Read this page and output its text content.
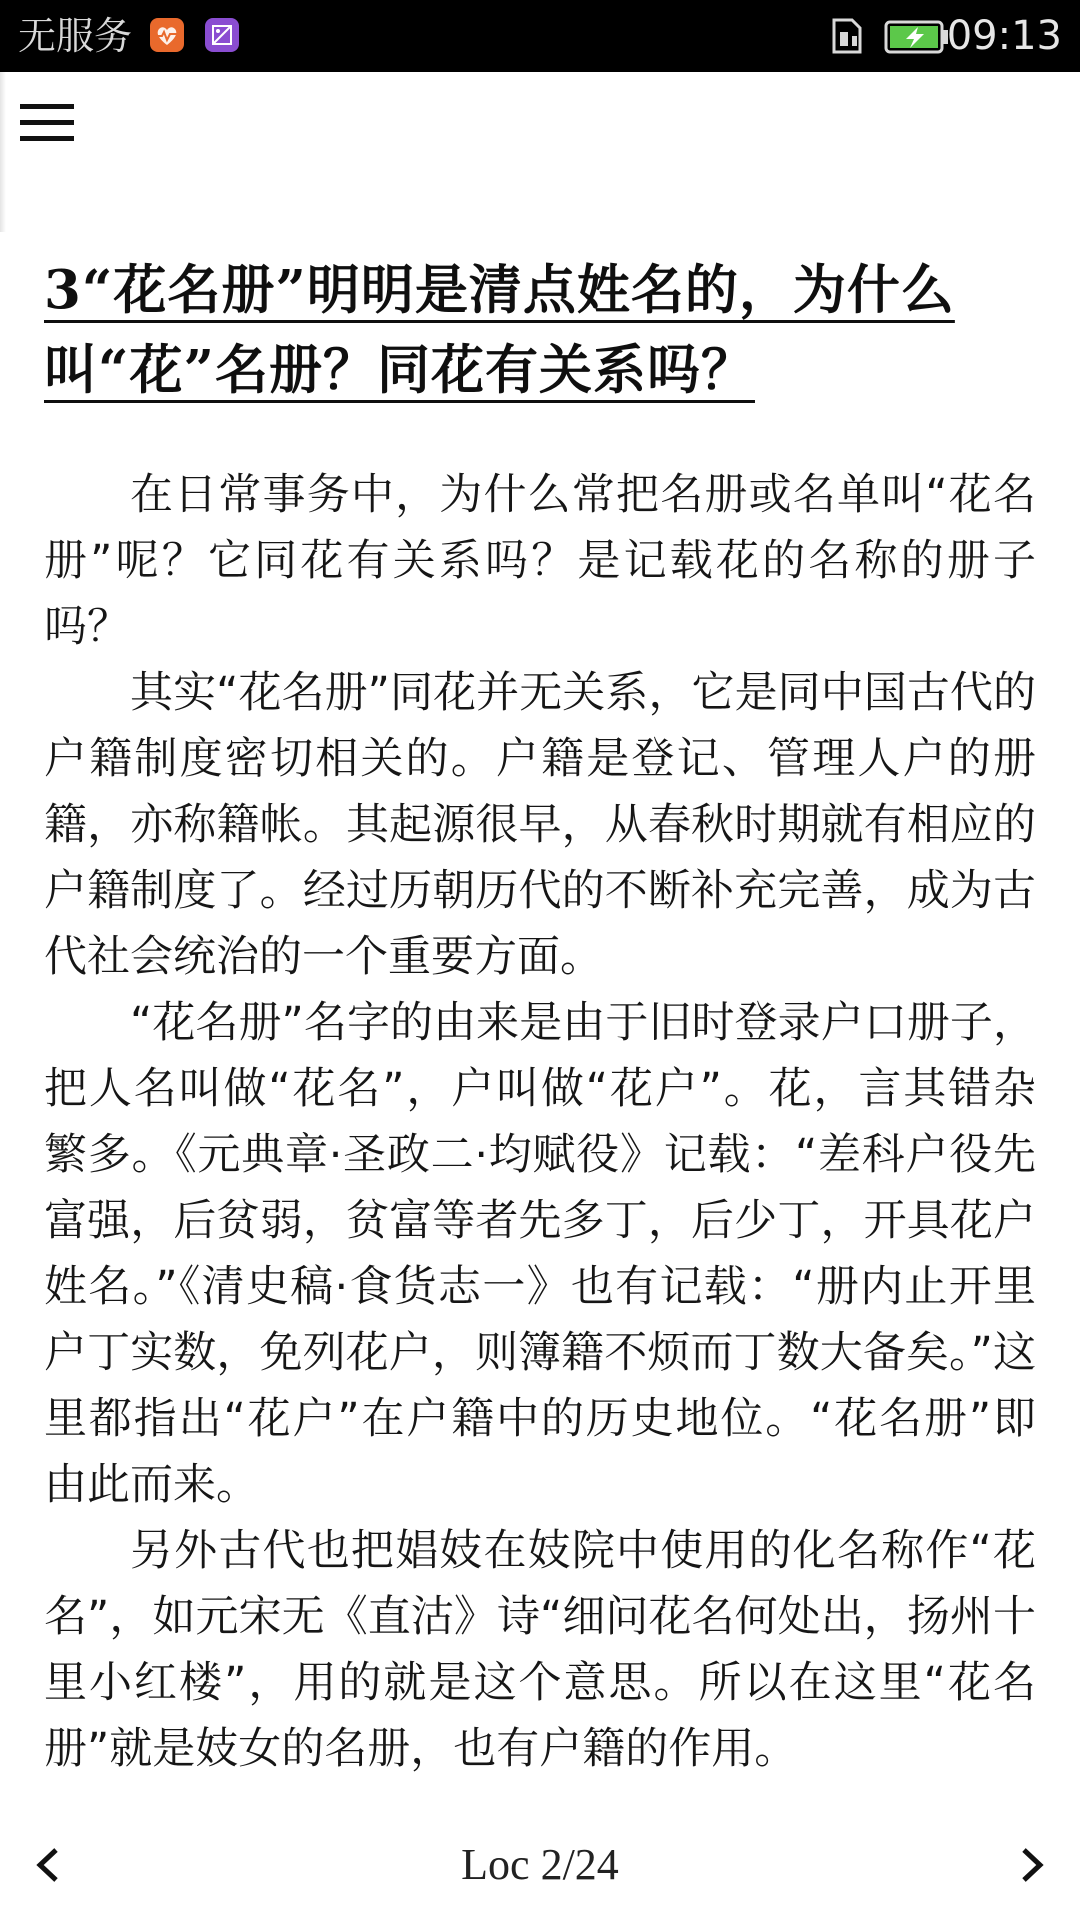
无服务	09:13
3“花名册”明明是清点姓名的，为什么叫“花”名册？同花有关系吗？

在日常事务中，为什么常把名册或名单叫“花名册”呢？它同花有关系吗？是记载花的名称的册子吗？

其实“花名册”同花并无关系，它是同中国古代的户籍制度密切相关的。户籍是登记、管理人户的册籍，亦称籍帐。其起源很早，从春秋时期就有相应的户籍制度了。经过历朝历代的不断补充完善，成为古代社会统治的一个重要方面。

“花名册”名字的由来是由于旧时登录户口册子，把人名叫做“花名”，户叫做“花户”。花，言其错杂繁多。《元典章·圣政二·均赋役》记载：“差科户役先富强，后贫弱，贫富等者先多丁，后少丁，开具花户姓名。”《清史稿·食货志一》也有记载：“册内止开里户丁实数，免列花户，则簿籍不烦而丁数大备矣。”这里都指出“花户”在户籍中的历史地位。“花名册”即由此而来。

另外古代也把娼妓在妓院中使用的化名称作“花名”，如元宋无《直沽》诗“细问花名何处出，扬州十里小红楼”，用的就是这个意思。所以在这里“花名册”就是妓女的名册，也有户籍的作用。

Loc 2/24
